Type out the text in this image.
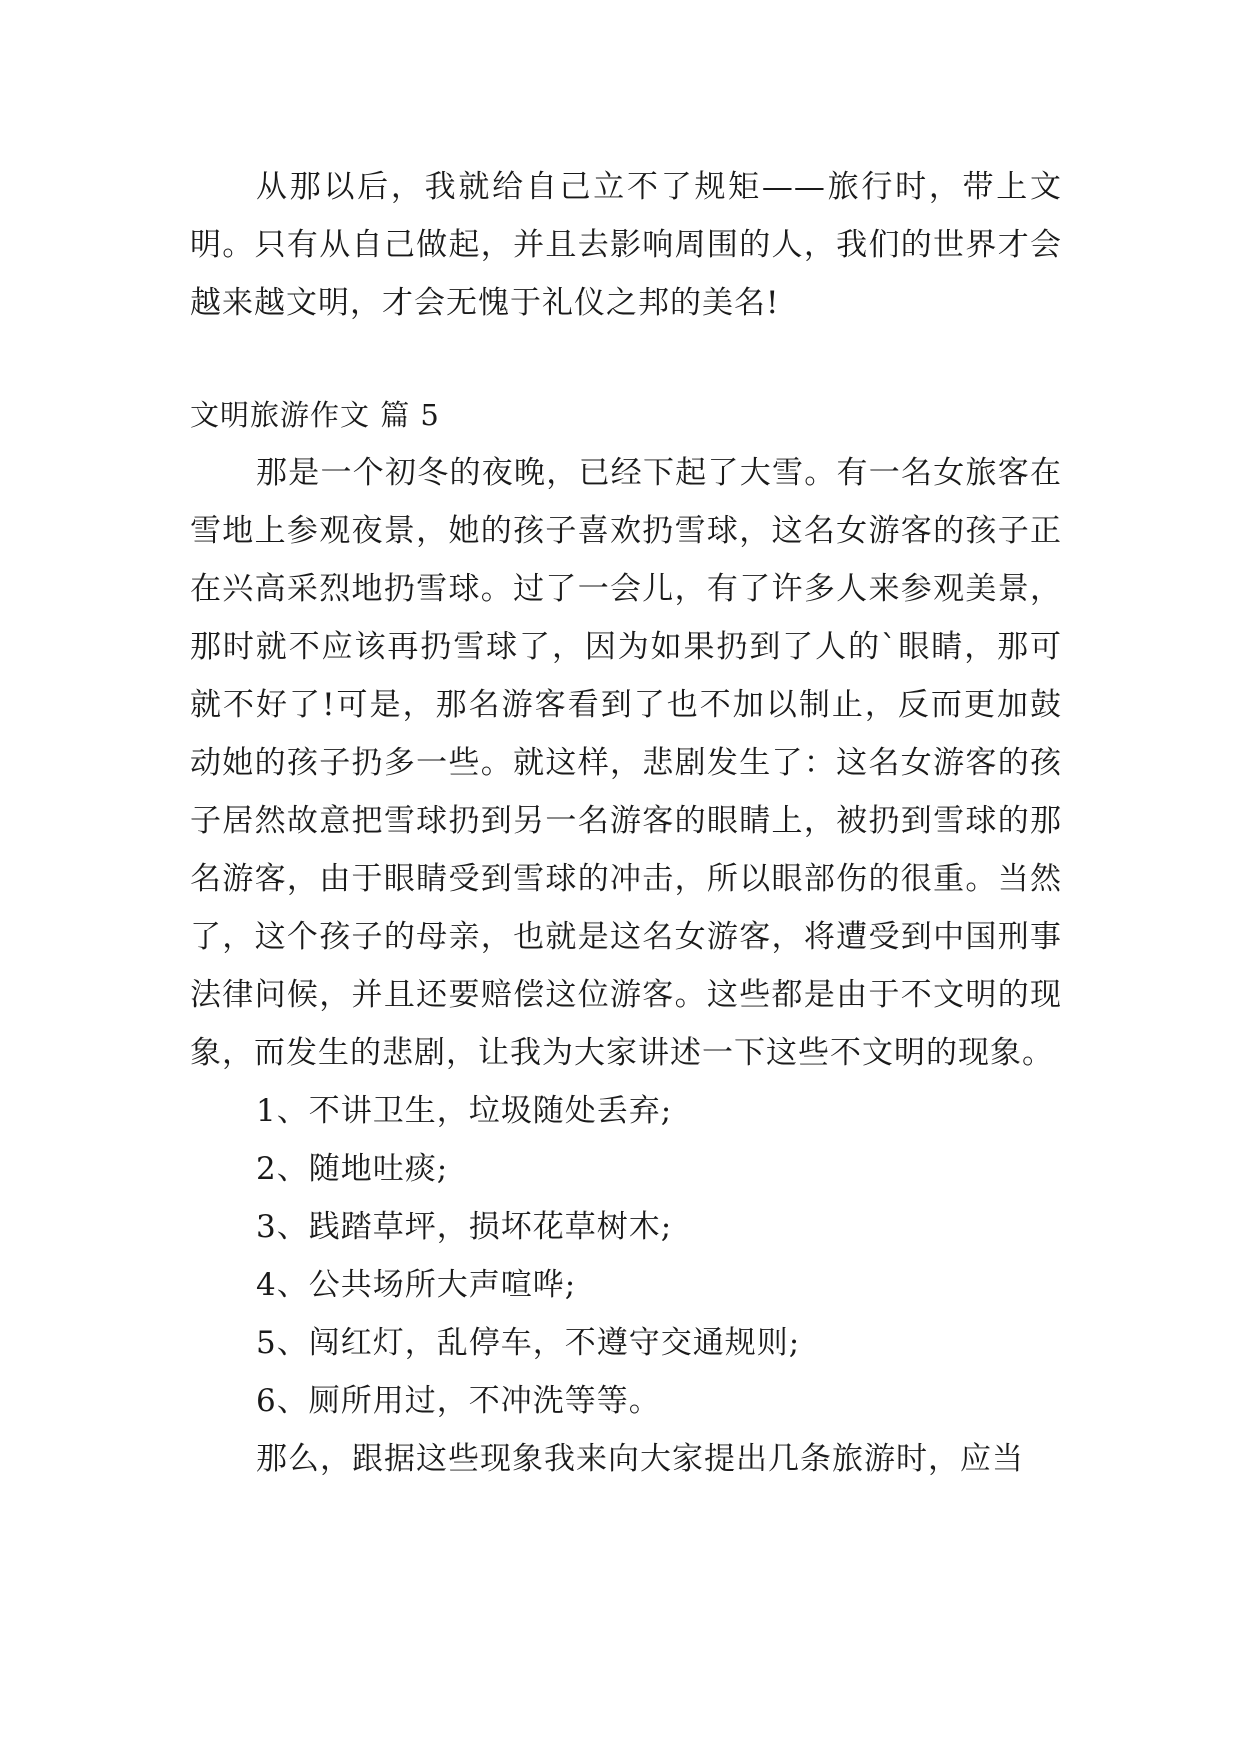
从那以后，我就给自己立不了规矩——旅行时，带上文明。只有从自己做起，并且去影响周围的人，我们的世界才会越来越文明，才会无愧于礼仪之邦的美名!

文明旅游作文 篇 5

那是一个初冬的夜晚，已经下起了大雪。有一名女旅客在雪地上参观夜景，她的孩子喜欢扔雪球，这名女游客的孩子正在兴高采烈地扔雪球。过了一会儿，有了许多人来参观美景，那时就不应该再扔雪球了，因为如果扔到了人的`眼睛，那可就不好了!可是，那名游客看到了也不加以制止，反而更加鼓动她的孩子扔多一些。就这样，悲剧发生了：这名女游客的孩子居然故意把雪球扔到另一名游客的眼睛上，被扔到雪球的那名游客，由于眼睛受到雪球的冲击，所以眼部伤的很重。当然了，这个孩子的母亲，也就是这名女游客，将遭受到中国刑事法律问候，并且还要赔偿这位游客。这些都是由于不文明的现象，而发生的悲剧，让我为大家讲述一下这些不文明的现象。

1、不讲卫生，垃圾随处丢弃;
2、随地吐痰;
3、践踏草坪，损坏花草树木;
4、公共场所大声喧哗;
5、闯红灯，乱停车，不遵守交通规则;
6、厕所用过，不冲洗等等。

那么，跟据这些现象我来向大家提出几条旅游时，应当
